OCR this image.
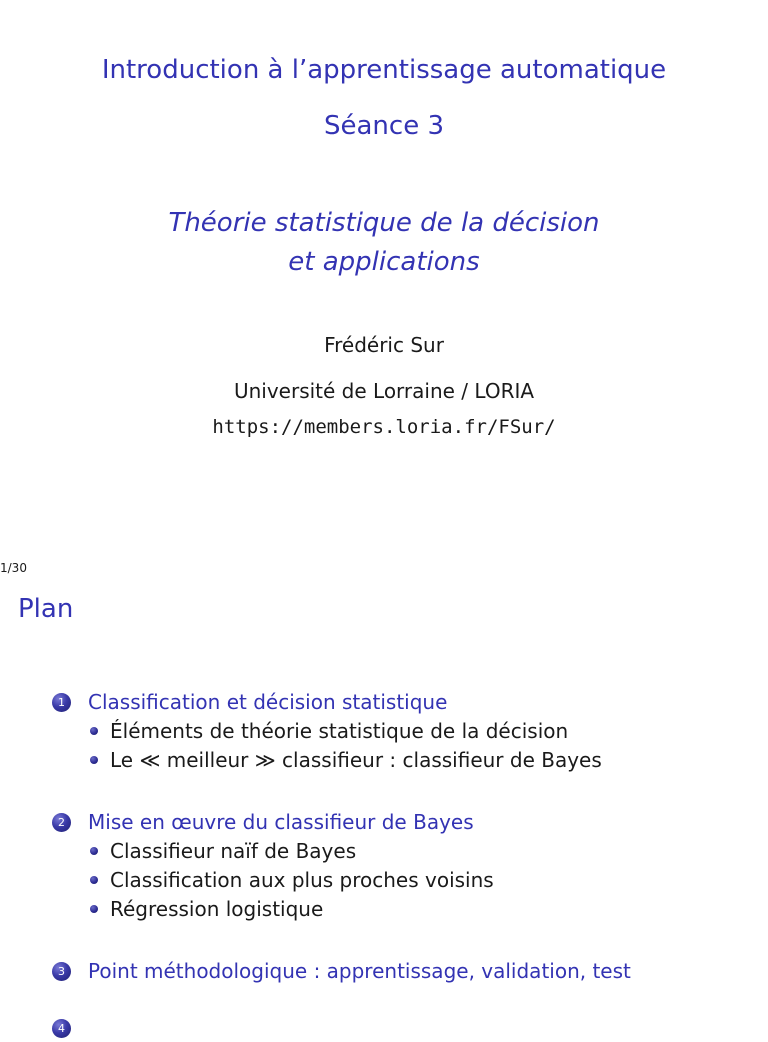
Introduction à l’apprentissage automatique
Séance 3
Théorie statistique de la décision
et applications
Frédéric Sur
Université de Lorraine / LORIA
https://members.loria.fr/FSur/
1/30
Plan
1	Classification et décision statistique
Éléments de théorie statistique de la décision
Le ≪ meilleur ≫ classifieur : classifieur de Bayes
2	Mise en œuvre du classifieur de Bayes
Classifieur naïf de Bayes
Classification aux plus proches voisins
Régression logistique
3	Point méthodologique : apprentissage, validation, test
4
